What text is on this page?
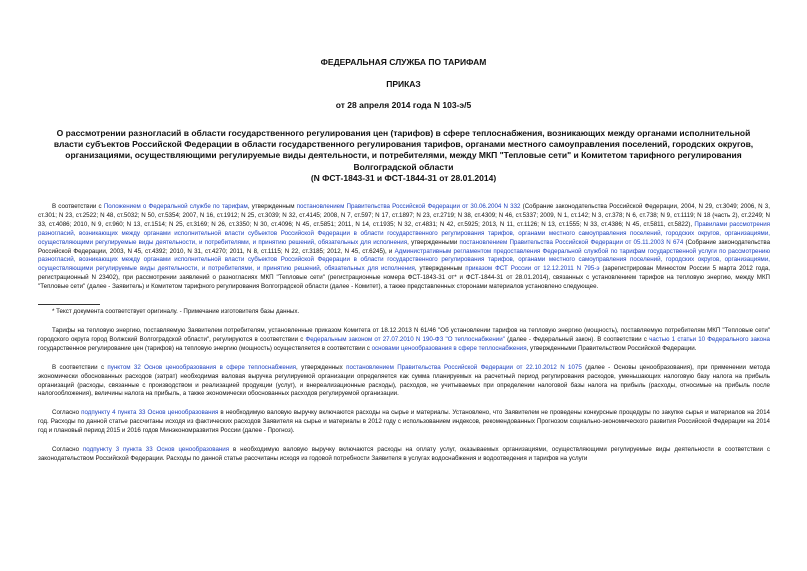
ФЕДЕРАЛЬНАЯ СЛУЖБА ПО ТАРИФАМ
ПРИКАЗ
от 28 апреля 2014 года N 103-э/5
О рассмотрении разногласий в области государственного регулирования цен (тарифов) в сфере теплоснабжения, возникающих между органами исполнительной власти субъектов Российской Федерации в области государственного регулирования тарифов, органами местного самоуправления поселений, городских округов, организациями, осуществляющими регулируемые виды деятельности, и потребителями, между МКП "Тепловые сети" и Комитетом тарифного регулирования Волгоградской области
(N ФСТ-1843-31 и ФСТ-1844-31 от 28.01.2014)

В соответствии с Положением о Федеральной службе по тарифам, утвержденным постановлением Правительства Российской Федерации от 30.06.2004 N 332 (Собрание законодательства Российской Федерации, 2004, N 29, ст.3049; 2006, N 3, ст.301; N 23, ст.2522; N 48, ст.5032; N 50, ст.5354; 2007, N 16, ст.1912; N 25, ст.3039; N 32, ст.4145; 2008, N 7, ст.597; N 17, ст.1897; N 23, ст.2719; N 38, ст.4309; N 46, ст.5337; 2009, N 1, ст.142; N 3, ст.378; N 6, ст.738; N 9, ст.1119; N 18 (часть 2), ст.2249; N 33, ст.4086; 2010, N 9, ст.960; N 13, ст.1514; N 25, ст.3169; N 26, ст.3350; N 30, ст.4096; N 45, ст.5851; 2011, N 14, ст.1935; N 32, ст.4831; N 42, ст.5925; 2013, N 11, ст.1126; N 13, ст.1555; N 33, ст.4386; N 45, ст.5811, ст.5822), Правилами рассмотрения разногласий, возникающих между органами исполнительной власти субъектов Российской Федерации в области государственного регулирования тарифов, органами местного самоуправления поселений, городских округов, организациями, осуществляющими регулируемые виды деятельности, и потребителями, и принятию решений, обязательных для исполнения, утвержденными постановлением Правительства Российской Федерации от 05.11.2003 N 674 (Собрание законодательства Российской Федерации, 2003, N 45, ст.4392; 2010, N 31, ст.4270; 2011, N 8, ст.1115; N 22, ст.3185; 2012, N 45, ст.6245), и Административным регламентом предоставления Федеральной службой по тарифам государственной услуги по рассмотрению разногласий, возникающих между органами исполнительной власти субъектов Российской Федерации в области государственного регулирования тарифов, органами местного самоуправления поселений, городских округов, организациями, осуществляющими регулируемые виды деятельности, и потребителями, и принятию решений, обязательных для исполнения, утвержденным приказом ФСТ России от 12.12.2011 N 795-э (зарегистрирован Минюстом России 5 марта 2012 года, регистрационный N 23402), при рассмотрении заявлений о разногласиях МКП "Тепловые сети" (регистрационные номера ФСТ-1843-31 от* и ФСТ-1844-31 от 28.01.2014), связанных с установлением тарифов на тепловую энергию, между МКП "Тепловые сети" (далее - Заявитель) и Комитетом тарифного регулирования Волгоградской области (далее - Комитет), а также представленных сторонами материалов установлено следующее.

* Текст документа соответствует оригиналу. - Примечание изготовителя базы данных.

Тарифы на тепловую энергию, поставляемую Заявителем потребителям, установленные приказом Комитета от 18.12.2013 N 61/46 "Об установлении тарифов на тепловую энергию (мощность), поставляемую потребителям МКП "Тепловые сети" городского округа город Волжский Волгоградской области", регулируются в соответствии с Федеральным законом от 27.07.2010 N 190-ФЗ "О теплоснабжении" (далее - Федеральный закон). В соответствии с частью 1 статьи 10 Федерального закона государственное регулирование цен (тарифов) на тепловую энергию (мощность) осуществляется в соответствии с основами ценообразования в сфере теплоснабжения, утвержденными Правительством Российской Федерации.

В соответствии с пунктом 32 Основ ценообразования в сфере теплоснабжения, утвержденных постановлением Правительства Российской Федерации от 22.10.2012 N 1075 (далее - Основы ценообразования), при применении метода экономически обоснованных расходов (затрат) необходимая валовая выручка регулируемой организации определяется как сумма планируемых на расчетный период регулирования расходов, уменьшающих налоговую базу налога на прибыль организаций (расходы, связанные с производством и реализацией продукции (услуг), и внереализационные расходы), расходов, не учитываемых при определении налоговой базы налога на прибыль (расходы, относимые на прибыль после налогообложения), величины налога на прибыль, а также экономически обоснованных расходов регулируемой организации.

Согласно подпункту 4 пункта 33 Основ ценообразования в необходимую валовую выручку включаются расходы на сырье и материалы. Установлено, что Заявителем не проведены конкурсные процедуры по закупке сырья и материалов на 2014 год. Расходы по данной статье рассчитаны исходя из фактических расходов Заявителя на сырье и материалы в 2012 году с использованием индексов, рекомендованных Прогнозом социально-экономического развития Российской Федерации на 2014 год и плановый период 2015 и 2016 годов Минэкономразвития России (далее - Прогноз).

Согласно подпункту 3 пункта 33 Основ ценообразования в необходимую валовую выручку включаются расходы на оплату услуг, оказываемых организациями, осуществляющими регулируемые виды деятельности в соответствии с законодательством Российской Федерации. Расходы по данной статье рассчитаны исходя из годовой потребности Заявителя в услугах водоснабжения и водоотведения и тарифов на услуги
